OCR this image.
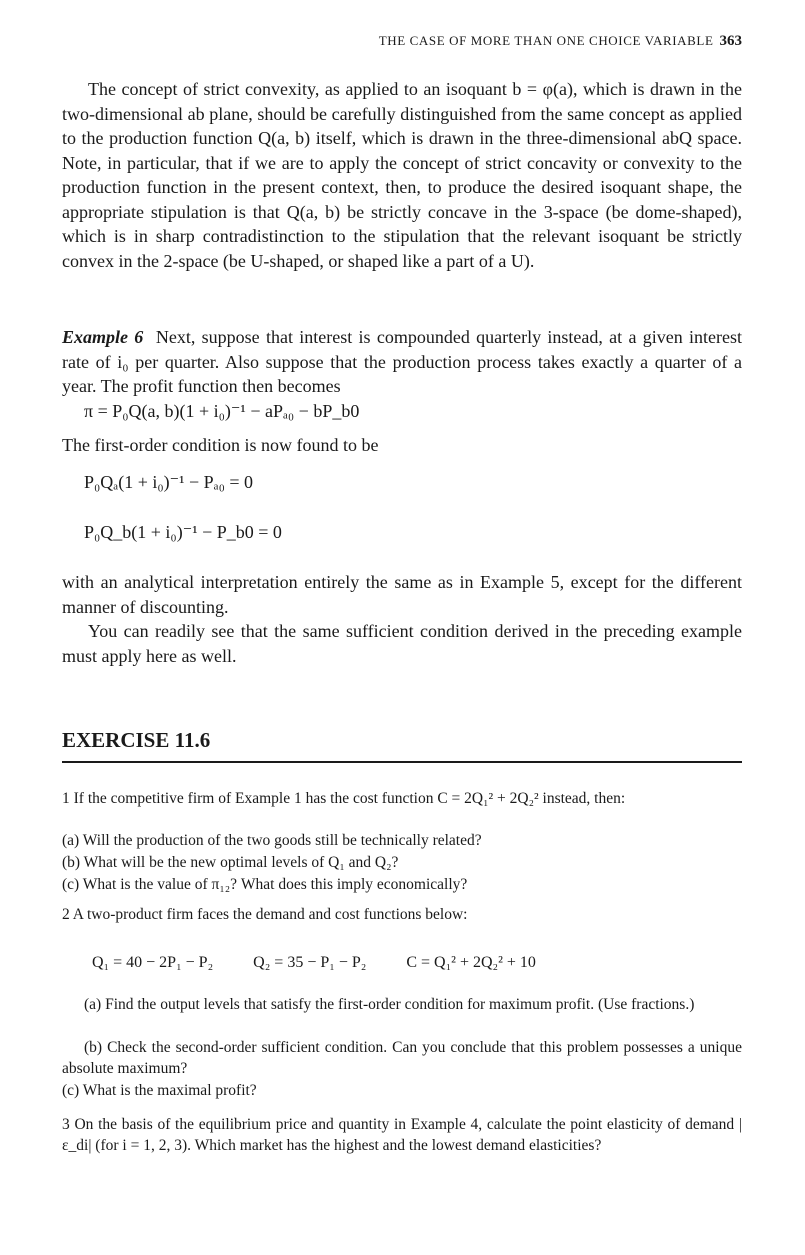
THE CASE OF MORE THAN ONE CHOICE VARIABLE 363

The concept of strict convexity, as applied to an isoquant b = φ(a), which is drawn in the two-dimensional ab plane, should be carefully distinguished from the same concept as applied to the production function Q(a, b) itself, which is drawn in the three-dimensional abQ space. Note, in particular, that if we are to apply the concept of strict concavity or convexity to the production function in the present context, then, to produce the desired isoquant shape, the appropriate stipulation is that Q(a, b) be strictly concave in the 3-space (be dome-shaped), which is in sharp contradistinction to the stipulation that the relevant isoquant be strictly convex in the 2-space (be U-shaped, or shaped like a part of a U).

Example 6 Next, suppose that interest is compounded quarterly instead, at a given interest rate of i₀ per quarter. Also suppose that the production process takes exactly a quarter of a year. The profit function then becomes

π = P₀Q(a, b)(1 + i₀)⁻¹ − aPₐ₀ − bP_b0

The first-order condition is now found to be

P₀Qₐ(1 + i₀)⁻¹ − Pₐ₀ = 0
P₀Q_b(1 + i₀)⁻¹ − P_b0 = 0

with an analytical interpretation entirely the same as in Example 5, except for the different manner of discounting.

You can readily see that the same sufficient condition derived in the preceding example must apply here as well.

EXERCISE 11.6

1 If the competitive firm of Example 1 has the cost function C = 2Q₁² + 2Q₂² instead, then:

(a) Will the production of the two goods still be technically related?

(b) What will be the new optimal levels of Q₁ and Q₂?

(c) What is the value of π₁₂? What does this imply economically?

2 A two-product firm faces the demand and cost functions below:

Q₁ = 40 − 2P₁ − P₂	Q₂ = 35 − P₁ − P₂	C = Q₁² + 2Q₂² + 10

(a) Find the output levels that satisfy the first-order condition for maximum profit. (Use fractions.)

(b) Check the second-order sufficient condition. Can you conclude that this problem possesses a unique absolute maximum?

(c) What is the maximal profit?

3 On the basis of the equilibrium price and quantity in Example 4, calculate the point elasticity of demand |ε_di| (for i = 1, 2, 3). Which market has the highest and the lowest demand elasticities?
